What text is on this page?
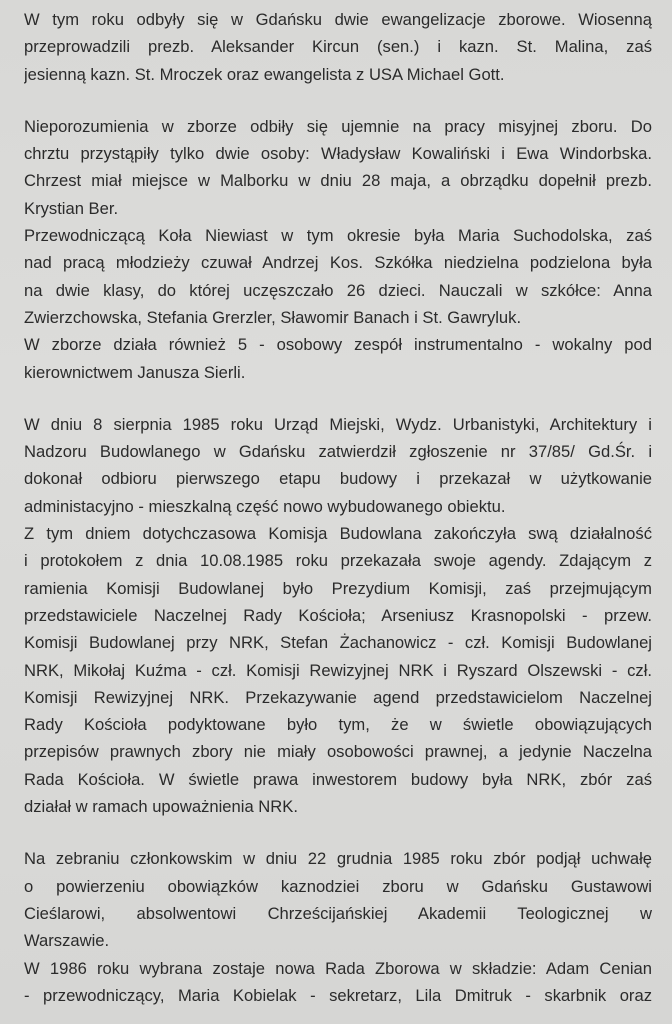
W tym roku odbyły się w Gdańsku dwie ewangelizacje zborowe. Wiosenną
przeprowadzili prezb. Aleksander Kircun (sen.) i kazn. St. Malina, zaś
jesienną kazn. St. Mroczek oraz ewangelista z USA Michael Gott.
Nieporozumienia w zborze odbiły się ujemnie na pracy misyjnej zboru. Do
chrztu przystąpiły tylko dwie osoby: Władysław Kowaliński i Ewa Windorbska.
Chrzest miał miejsce w Malborku w dniu 28 maja, a obrządku dopełnił prezb.
Krystian Ber.
Przewodniczącą Koła Niewiast w tym okresie była Maria Suchodolska, zaś
nad pracą młodzieży czuwał Andrzej Kos. Szkółka niedzielna podzielona była
na dwie klasy, do której uczęszczało 26 dzieci. Nauczali w szkółce: Anna
Zwierzchowska, Stefania Grerzler, Sławomir Banach i St. Gawryluk.
W zborze działa również 5 - osobowy zespół instrumentalno - wokalny pod
kierownictwem Janusza Sierli.
W dniu 8 sierpnia 1985 roku Urząd Miejski, Wydz. Urbanistyki, Architektury i
Nadzoru Budowlanego w Gdańsku zatwierdził zgłoszenie nr 37/85/ Gd.Śr. i
dokonał odbioru pierwszego etapu budowy i przekazał w użytkowanie
administacyjno - mieszkalną część nowo wybudowanego obiektu.
Z tym dniem dotychczasowa Komisja Budowlana zakończyła swą działalność
i protokołem z dnia 10.08.1985 roku przekazała swoje agendy. Zdającym z
ramienia Komisji Budowlanej było Prezydium Komisji, zaś przejmującym
przedstawiciele Naczelnej Rady Kościoła; Arseniusz Krasnopolski - przew.
Komisji Budowlanej przy NRK, Stefan Żachanowicz - czł. Komisji Budowlanej
NRK, Mikołaj Kuźma - czł. Komisji Rewizyjnej NRK i Ryszard Olszewski - czł.
Komisji Rewizyjnej NRK. Przekazywanie agend przedstawicielom Naczelnej
Rady Kościoła podyktowane było tym, że w świetle obowiązujących
przepisów prawnych zbory nie miały osobowości prawnej, a jedynie Naczelna
Rada Kościoła. W świetle prawa inwestorem budowy była NRK, zbór zaś
działał w ramach upoważnienia NRK.
Na zebraniu członkowskim w dniu 22 grudnia 1985 roku zbór podjął uchwałę
o powierzeniu obowiązków kaznodziei zboru w Gdańsku Gustawowi
Cieślarowi, absolwentowi Chrześcijańskiej Akademii Teologicznej w
Warszawie.
W 1986 roku wybrana zostaje nowa Rada Zborowa w składzie: Adam Cenian
- przewodniczący, Maria Kobielak - sekretarz, Lila Dmitruk - skarbnik oraz
